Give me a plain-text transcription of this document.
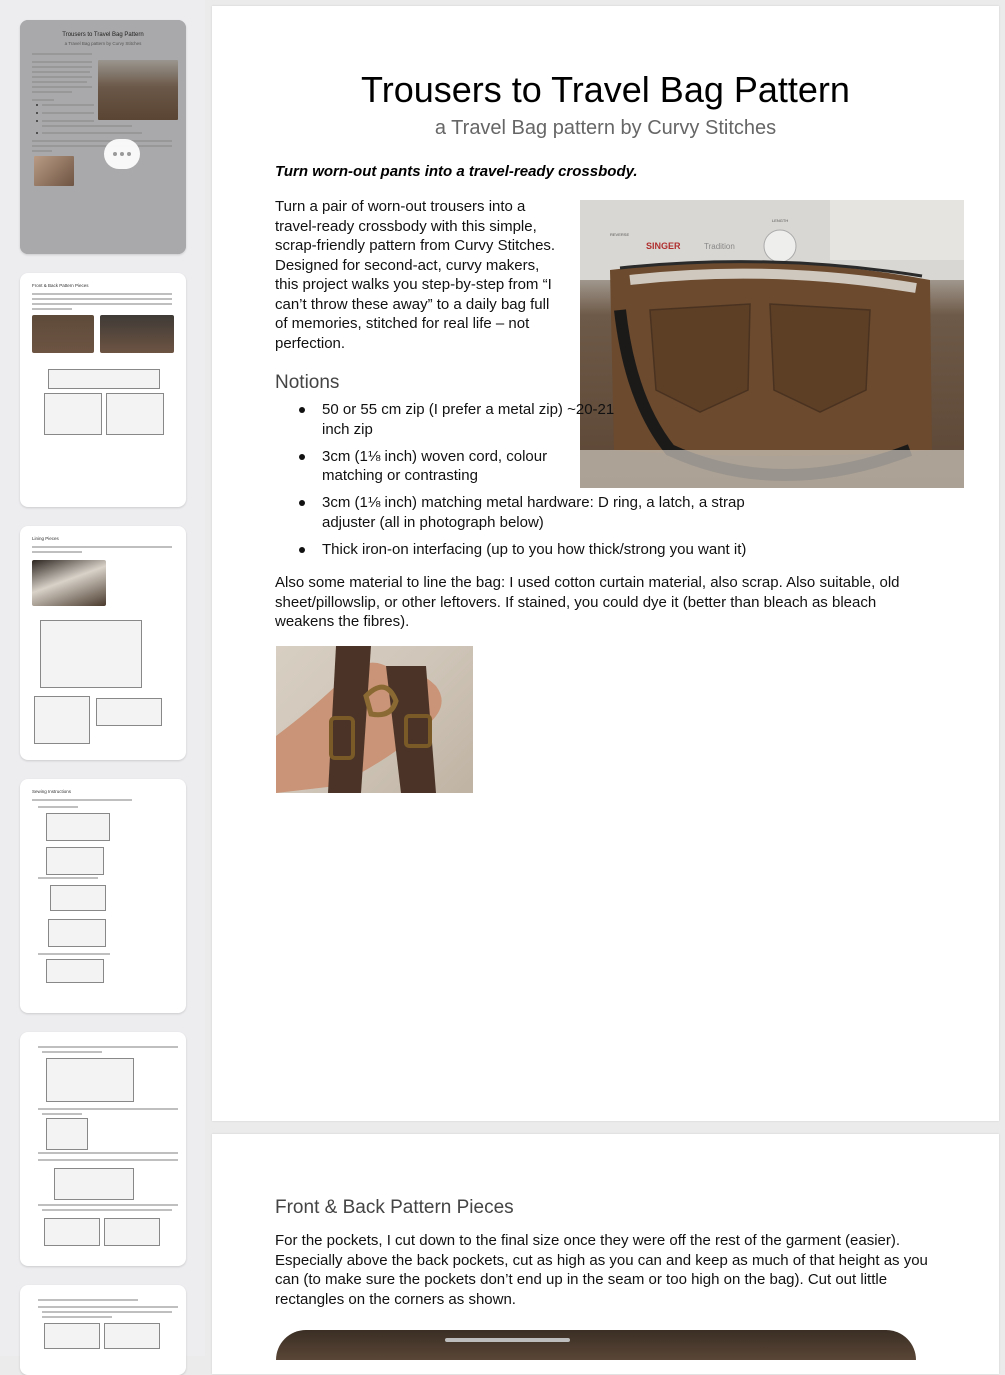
Trousers to Travel Bag Pattern
a Travel Bag pattern by Curvy Stitches
Front & Back Pattern Pieces
Lining Pieces
Sewing Instructions
Trousers to Travel Bag Pattern
a Travel Bag pattern by Curvy Stitches
Turn worn-out pants into a travel-ready crossbody.
Turn a pair of worn-out trousers into a travel-ready crossbody with this simple, scrap-friendly pattern from Curvy Stitches. Designed for second-act, curvy makers, this project walks you step-by-step from “I can’t throw these away” to a daily bag full of memories, stitched for real life – not perfection.
SINGER	Tradition
REVERSE
LENGTH
Notions
50 or 55 cm zip (I prefer a metal zip) ~20-21 inch zip
3cm (1⅛ inch) woven cord, colour matching or contrasting
3cm (1⅛ inch) matching metal hardware: D ring, a latch, a strap adjuster (all in photograph below)
Thick iron-on interfacing (up to you how thick/strong you want it)
Also some material to line the bag: I used cotton curtain material, also scrap. Also suitable, old sheet/pillowslip, or other leftovers. If stained, you could dye it (better than bleach as bleach weakens the fibres).
Front & Back Pattern Pieces
For the pockets, I cut down to the final size once they were off the rest of the garment (easier). Especially above the back pockets, cut as high as you can and keep as much of that height as you can (to make sure the pockets don’t end up in the seam or too high on the bag). Cut out little rectangles on the corners as shown.
